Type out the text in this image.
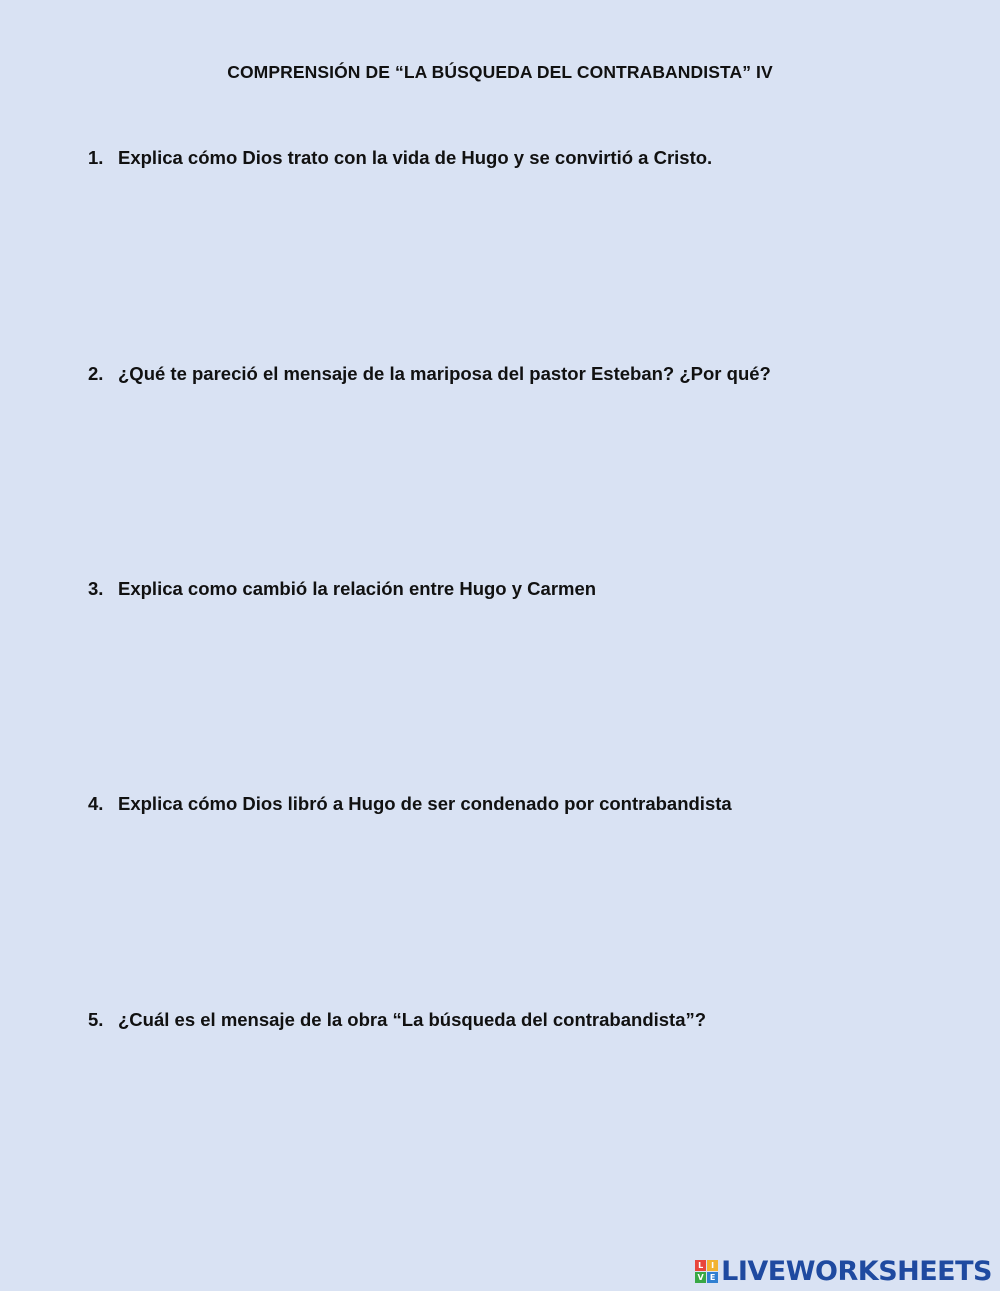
COMPRENSIÓN DE “LA BÚSQUEDA DEL CONTRABANDISTA” IV
1. Explica cómo Dios trato con la vida de Hugo y se convirtió a Cristo.
2. ¿Qué te pareció el mensaje de la mariposa del pastor Esteban? ¿Por qué?
3. Explica como cambió la relación entre Hugo y Carmen
4. Explica cómo Dios libró a Hugo de ser condenado por contrabandista
5. ¿Cuál es el mensaje de la obra “La búsqueda del contrabandista”?
L I
V E LIVEWORKSHEETS
